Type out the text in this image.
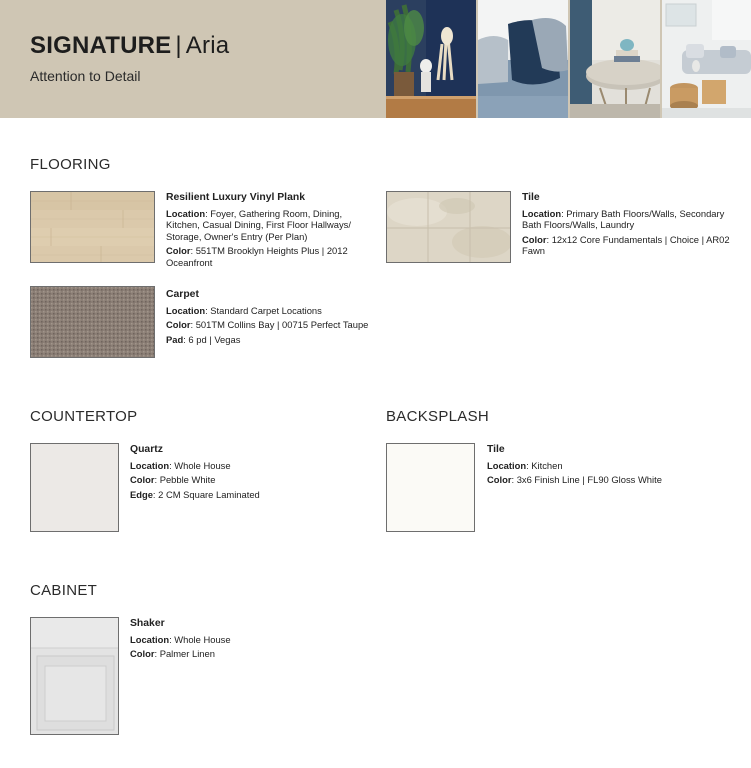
SIGNATURE | Aria
Attention to Detail
FLOORING
Resilient Luxury Vinyl Plank
Location: Foyer, Gathering Room, Dining, Kitchen, Casual Dining, First Floor Hallways/ Storage, Owner's Entry (Per Plan)
Color: 551TM Brooklyn Heights Plus | 2012 Oceanfront
Tile
Location: Primary Bath Floors/Walls, Secondary Bath Floors/Walls, Laundry
Color: 12x12 Core Fundamentals | Choice | AR02 Fawn
Carpet
Location: Standard Carpet Locations
Color: 501TM Collins Bay | 00715 Perfect Taupe
Pad: 6 pd | Vegas
COUNTERTOP
Quartz
Location: Whole House
Color: Pebble White
Edge: 2 CM Square Laminated
BACKSPLASH
Tile
Location: Kitchen
Color: 3x6 Finish Line | FL90 Gloss White
CABINET
Shaker
Location: Whole House
Color: Palmer Linen
